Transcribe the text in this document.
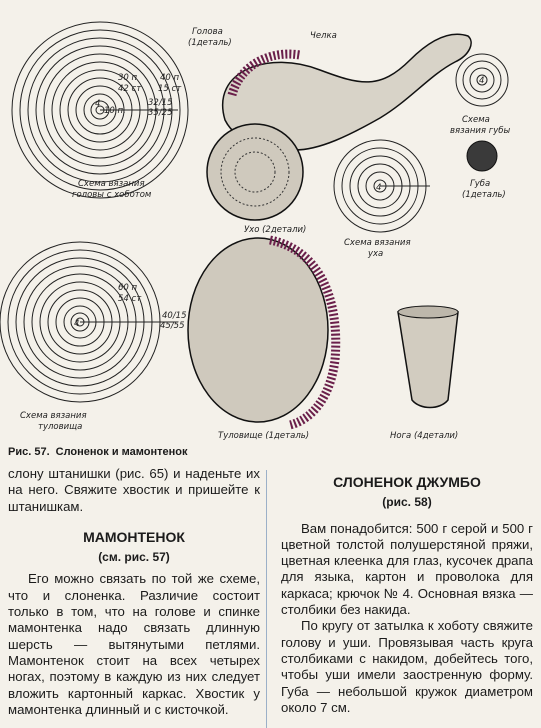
30 п
42 ст
40 п
15 ст
32/15
35/25
4
10 п.
Схема вязания
головы с хоботом
60 п
54 ст
40/15
45/55
4
Схема вязания
туловища
4
Схема вязания
уха
4
Схема
вязания губы
Губа
(1деталь)
Голова
(1деталь)
Челка
Ухо (2детали)
Туловище (1деталь)	Нога (4детали)
Рис. 57. Слоненок и мамонтенок

слону штанишки (рис. 65) и наденьте их на него. Свяжите хвостик и пришейте к штанишкам.

МАМОНТЕНОК
(см. рис. 57)

Его можно связать по той же схеме, что и слоненка. Различие состоит только в том, что на голове и спинке мамонтенка надо связать длинную шерсть — вытянутыми петлями. Мамонтенок стоит на всех четырех ногах, поэтому в каждую из них следует вложить картонный каркас. Хвостик у мамонтенка длинный и с кисточкой.

СЛОНЕНОК ДЖУМБО
(рис. 58)

Вам понадобится: 500 г серой и 500 г цветной толстой полушерстяной пряжи, цветная клеенка для глаз, кусочек драпа для языка, картон и проволока для каркаса; крючок № 4. Основная вязка — столбики без накида.

По кругу от затылка к хоботу свяжите голову и уши. Провязывая часть круга столбиками с накидом, добейтесь того, чтобы уши имели заостренную форму. Губа — небольшой кружок диаметром около 7 см.
